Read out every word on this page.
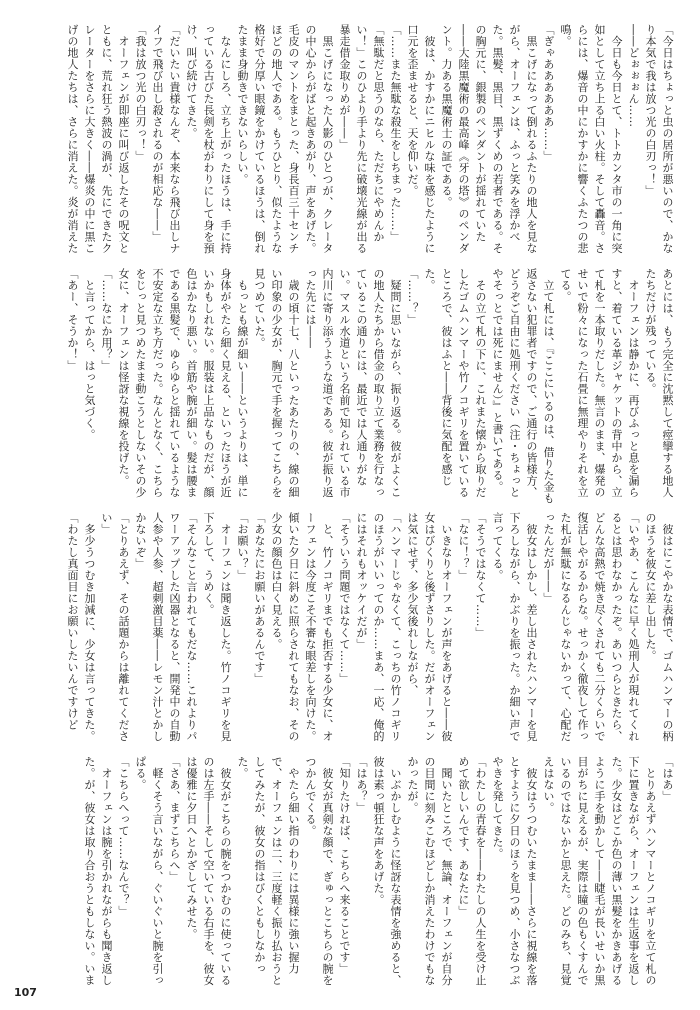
「今日はちょっと虫の居所が悪いので、かなり本気で我は放つ光の白刃っ！」

――どぉぉぉん……

　今日も今日とて、トトカンタ市の一角に突如として立ち上る白い火柱。そして轟音。さらには、爆音の中にかすかに響くふたつの悲鳴。

「ぎゃああああああ……」

　黒こげになって倒れるふたりの地人を見ながら、オーフェンは、ふっと笑みを浮かべた。黒髪、黒目、黒ずくめの若者である。その胸元に、銀製のペンダントが揺れていた――大陸黒魔術の最高峰《牙の塔》のペンダント。力ある黒魔術士の証である。

　彼は、かすかにニヒルな味を感じたように口元を歪ませると、天を仰いだ。

「……また無駄な殺生をしちまった……」

「無駄だと思うのなら、ただちにやめんかい！」このひより手より先に破壊光線が出る暴走借金取りめが――」

　黒こげになった人影のひとつが、クレータの中心からがばと起きあがり、声をあげた。毛皮のマントをまとった、身長百三十センチほどの地人である。もうひとり、似たような格好で分厚い眼鏡をかけているほうは、倒れたまま身動きできないらしい。

　なんにしろ、立ち上がったほうは、手に持っている古びた長剣を杖がわりにして身を預け、叫び続けてきた。

「だいたい貴様なんぞ、本来なら飛び出しナイフで飛び出し殺されるのが相応な――」

「我は放つ光の白刃っ！」

　オーフェンが即座に叫び返したその呪文とともに、荒れ狂う熱波の渦が、先にできたクレーターをさらに大きく――爆炎の中に黒こげの地人たちは、さらに消えた。炎が消えた

あとには、もう完全に沈黙して痙攣する地人たちだけが残っている。

　オーフェンは静かに、再びふっと息を漏らすと、着ている革ジャケットの背中から、立て札を一本取りだした。無言のまま、爆発のせいで粉々になった石畳に無理やりそれを立てる。

　立て札には、『ここにいるのは、借りた金も返さない犯罪者ですので、ご通行の皆様方、どうぞご自由に処刑ください（注・ちょっとやそっとでは死にません）』と書いてある。

　その立て札の下に、これまた懐から取りだしたゴムハンマーや竹ノコギリを置いているところで、彼はふと――背後に気配を感じた。

「……？」

　疑問に思いながら、振り返る。彼がよくこの地人たちから借金の取り立て業務を行なっているこの通りには、最近では人通りがない。マスル水道という名前で知られている市内川に寄り添うような道である。彼が振り返った先には――

　歳の頃十七、八といったあたりの、線の細い印象の少女が、胸元で手を握ってこちらを見つめていた。

　もっとも線が細い――というよりは、単に身体がやたら細く見える、といったほうが近いかもしれない。服装は上品なものだが、顔色はかなり悪い。首筋や腕が細い。髪は腰まである黒髪で、ゆらゆらと揺れているような不安定な立ち方だった。なんとなく、こちらをじっと見つめたまま動こうとしないその少女に、オーフェンは怪訝な視線を投げた。

「……なにか用？」

　と言ってから、はっと気づく。

「あー、そうか！」

　彼はにこやかな表情で、ゴムハンマーの柄のほうを彼女に差し出した。

「いやあ、こんなに早く処刑人が現れてくれるとは思わなかったぞ。あいつらときたら、どんな高熱で焼き尽くされても二分くらいで復活しやがるからな。せっかく徹夜して作った札が無駄になるんじゃないかって、心配だったんだが――」

　彼女はしかし、差し出されたハンマーを見下ろしながら、かぶりを振った。か細い声で言ってくる。

「そうではなくて……」

「なに！？」

　いきなりオーフェンが声をあげると――彼女はびくりと後ずさりした。だがオーフェンは気にせず、多少気後れしながら、

「ハンマーじゃなくて、こっちの竹ノコギリのほうがいいってのか……まあ、一応、俺的にはそれもオッケイだが」

「そういう問題ではなくて……」

　と、竹ノコギリまでも拒否する少女に、オーフェンは今度こそ不審な眼差しを向けた。傾いた夕日に斜めに照らされてもなお、その少女の顔色は白く見える。

「あなたにお願いがあるんです」

「お願い？」

　オーフェンは聞き返した。竹ノコギリを見下ろして、うめく。

「そんなこと言われてもだな……これよりパワーアップした凶器となると、開発中の自動人参や人参、超刺激目薬――レモン汁とかしかないぞ」

「とりあえず、その話題からは離れてください」

　多少うつむき加減に、少女は言ってきた。

「わたし真面目にお願いしたいんですけど

「はあ」

　とりあえずハンマーとノコギリを立て札の下に置きながら、オーフェンは生返事を返した。少女はどこか色の薄い黒髪をかきあげるように手を動かして――睫毛が長いせいか黒目がちに見えるが、実際は瞳の色もくすんでいるのではないかと思えた。どのみち、見覚えはない。

　彼女はうつむいたまま――さらに視線を落とすように夕日のほうを見つめ、小さなつぶやきを発してきた。

「わたしの青春を――わたしの人生を受け止めて欲しいんです、あなたに」

　聞いたところで、無論、オーフェンが自分の目間に刻みこむほどしか消えたわけでもなかったが。

　いぶかしむように怪訝な表情を強めると、彼は素っ頓狂な声をあげた。

「はあ？」

「知りたければ、こちらへ来ることです」

　彼女が真剣な顔で、ぎゅっとこちらの腕をつかんでくる。

　やたら細い指のわりには異様に強い握力で、オーフェンは二、三度軽く振り払おうとしてみたが、彼女の指はびくともしなかった。

　彼女がこちらの腕をつかむのに使っているのは左手――そして空いている右手を、彼女は優雅に夕日へとかざしてみせた。

「さあ、まずこちらへ」

　軽くそう言いながら、ぐいぐいと腕を引っぱる。

「こちらへって……なんで？」

　オーフェンは腕を引かれながらも聞き返した。が、彼女は取り合おうともしない。いま

107
